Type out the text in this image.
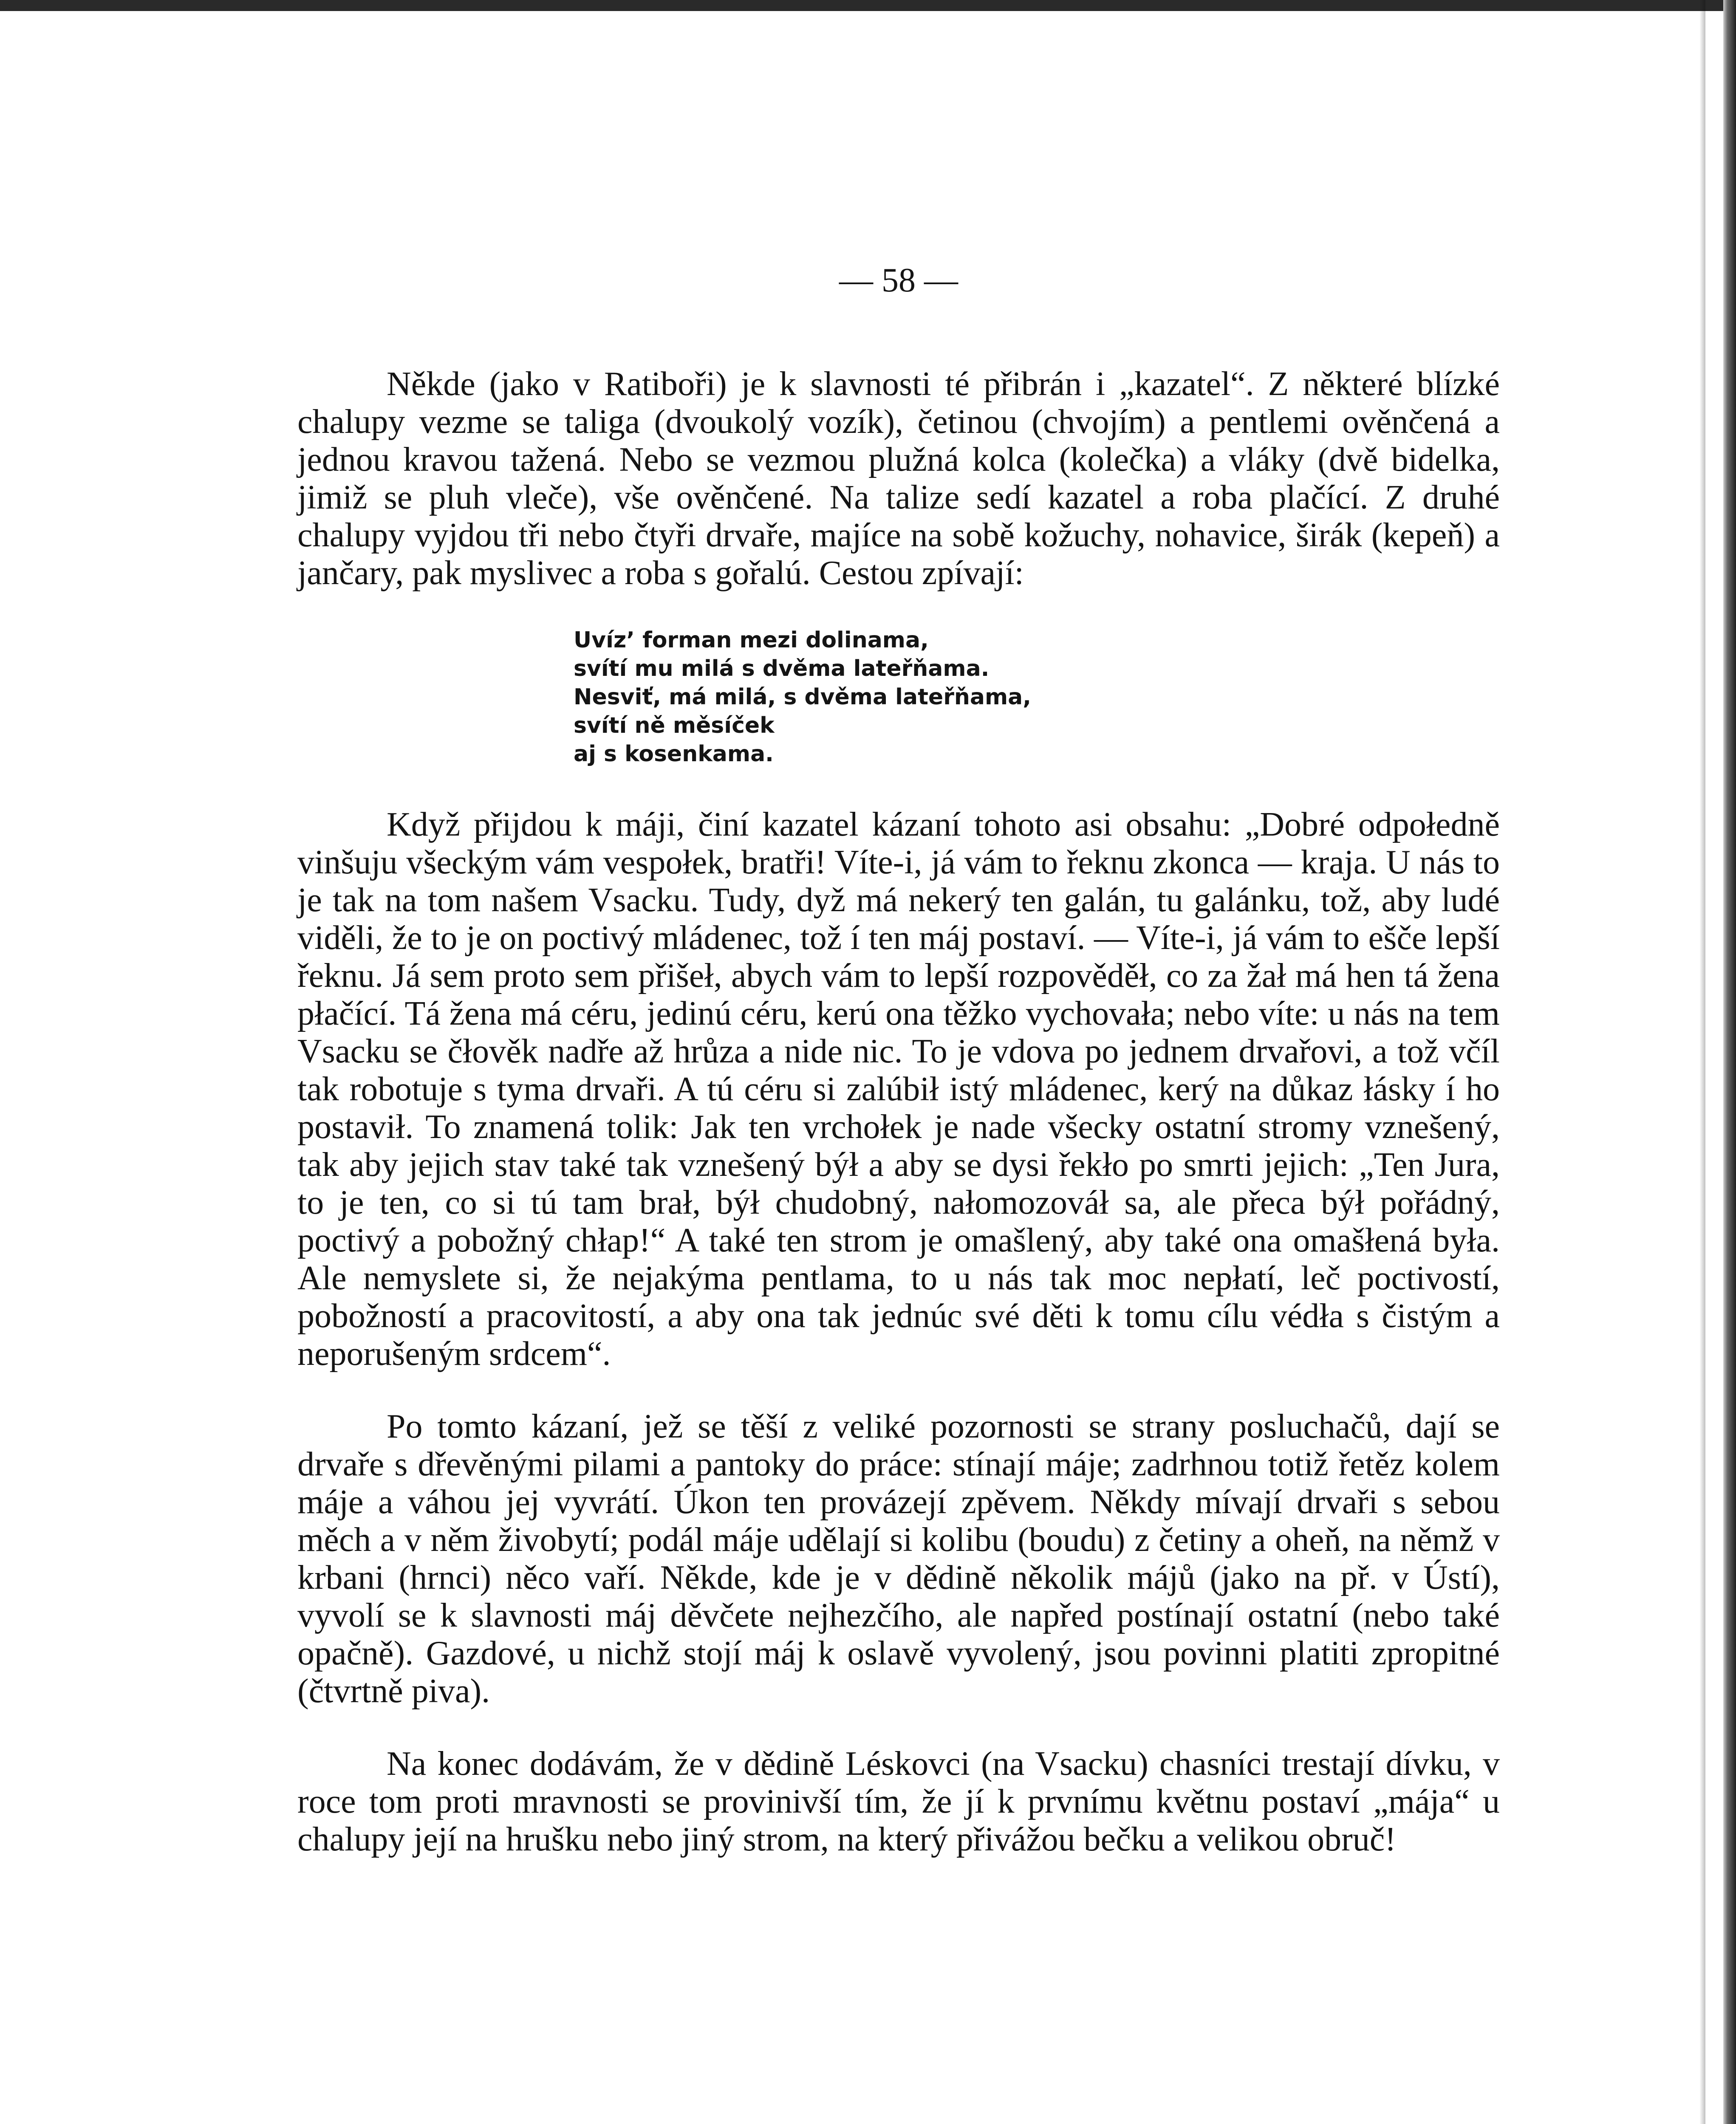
— 58 —

Někde (jako v Ratiboři) je k slavnosti té přibrán i „kazatel“. Z některé blízké chalupy vezme se taliga (dvoukolý vozík), četinou (chvojím) a pentlemi ověnčená a jednou kravou tažená. Nebo se vezmou plužná kolca (kolečka) a vláky (dvě bidelka, jimiž se pluh vleče), vše ověnčené. Na talize sedí kazatel a roba plačící. Z druhé chalupy vyjdou tři nebo čtyři drvaře, majíce na sobě kožuchy, nohavice, širák (kepeň) a jančary, pak myslivec a roba s gořalú. Cestou zpívají:

Uvíz’ forman mezi dolinama,
svítí mu milá s dvěma lateřňama.
Nesviť, má milá, s dvěma lateřňama,
svítí ně měsíček
aj s kosenkama.

Když přijdou k máji, činí kazatel kázaní tohoto asi obsahu: „Dobré odpołedně vinšuju všeckým vám vespołek, bratři! Víte-i, já vám to řeknu zkonca — kraja. U nás to je tak na tom našem Vsacku. Tudy, dyž má nekerý ten galán, tu galánku, tož, aby ludé viděli, že to je on poctivý mládenec, tož í ten máj postaví. — Víte-i, já vám to ešče lepší řeknu. Já sem proto sem přišeł, abych vám to lepší rozpověděł, co za žał má hen tá žena płačící. Tá žena má céru, jedinú céru, kerú ona těžko vychovała; nebo víte: u nás na tem Vsacku se čłověk nadře až hrůza a nide nic. To je vdova po jednem drvařovi, a tož včíl tak robotuje s tyma drvaři. A tú céru si zalúbił istý mládenec, kerý na důkaz łásky í ho postavił. To znamená tolik: Jak ten vrchołek je nade všecky ostatní stromy vznešený, tak aby jejich stav také tak vznešený býł a aby se dysi řekło po smrti jejich: „Ten Jura, to je ten, co si tú tam brał, býł chudobný, nałomozováł sa, ale přeca býł pořádný, poctivý a pobožný chłap!“ A také ten strom je omašlený, aby také ona omašłená była. Ale nemyslete si, že nejakýma pentlama, to u nás tak moc nepłatí, leč poctivostí, pobožností a pracovitostí, a aby ona tak jednúc své děti k tomu cílu védła s čistým a neporušeným srdcem“.

Po tomto kázaní, jež se těší z veliké pozornosti se strany posluchačů, dají se drvaře s dřevěnými pilami a pantoky do práce: stínají máje; zadrhnou totiž řetěz kolem máje a váhou jej vyvrátí. Úkon ten provázejí zpěvem. Někdy mívají drvaři s sebou měch a v něm živobytí; podál máje udělají si kolibu (boudu) z četiny a oheň, na němž v krbani (hrnci) něco vaří. Někde, kde je v dědině několik májů (jako na př. v Ústí), vyvolí se k slavnosti máj děvčete nejhezčího, ale napřed postínají ostatní (nebo také opačně). Gazdové, u nichž stojí máj k oslavě vyvolený, jsou povinni platiti zpropitné (čtvrtně piva).

Na konec dodávám, že v dědině Léskovci (na Vsacku) chasníci trestají dívku, v roce tom proti mravnosti se provinivší tím, že jí k prvnímu květnu postaví „mája“ u chalupy její na hrušku nebo jiný strom, na který přivážou bečku a velikou obruč!
